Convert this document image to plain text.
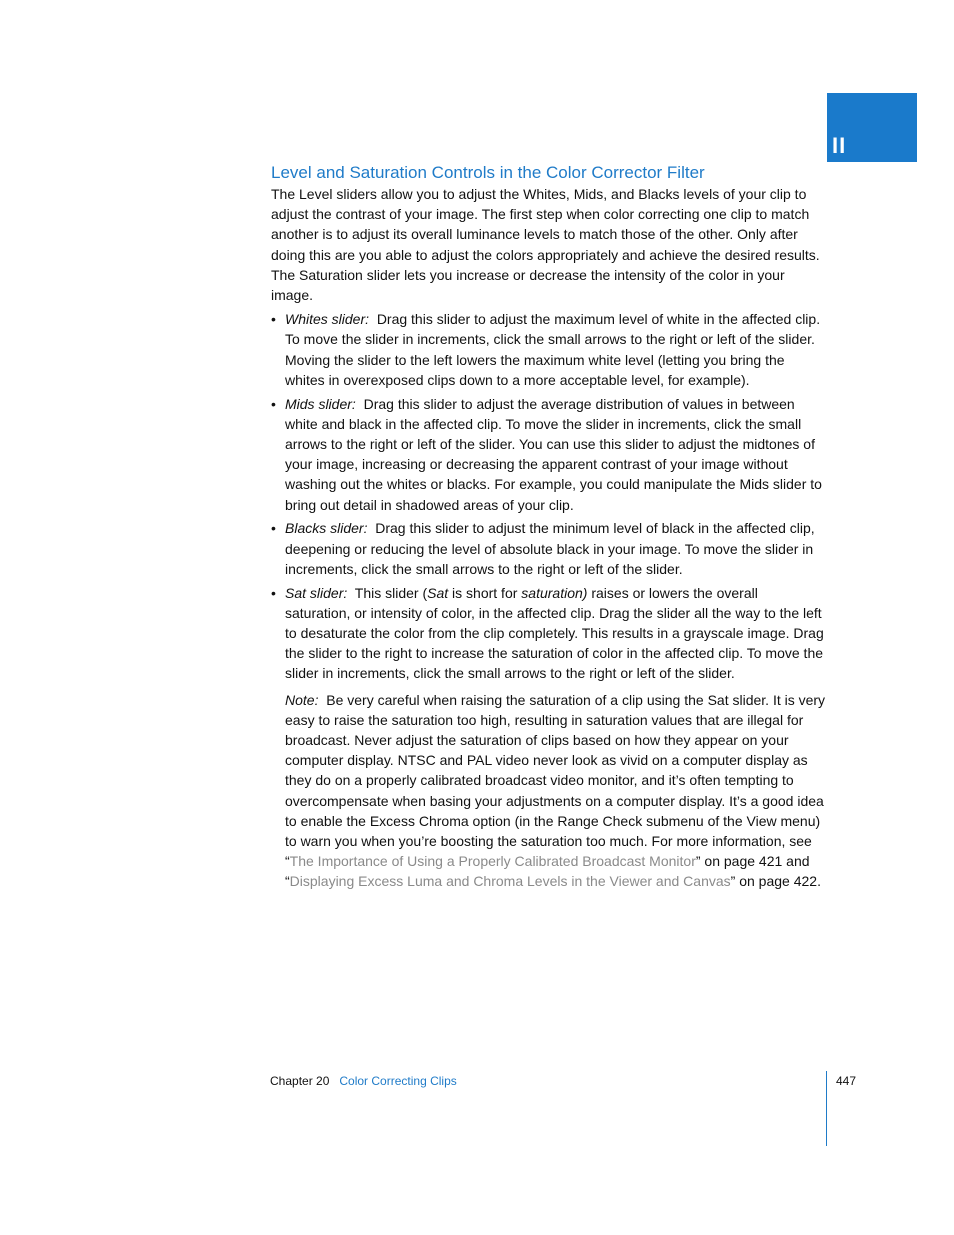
II
Level and Saturation Controls in the Color Corrector Filter

The Level sliders allow you to adjust the Whites, Mids, and Blacks levels of your clip to adjust the contrast of your image. The first step when color correcting one clip to match another is to adjust its overall luminance levels to match those of the other. Only after doing this are you able to adjust the colors appropriately and achieve the desired results. The Saturation slider lets you increase or decrease the intensity of the color in your image.

• Whites slider: Drag this slider to adjust the maximum level of white in the affected clip. To move the slider in increments, click the small arrows to the right or left of the slider. Moving the slider to the left lowers the maximum white level (letting you bring the whites in overexposed clips down to a more acceptable level, for example).
• Mids slider: Drag this slider to adjust the average distribution of values in between white and black in the affected clip. To move the slider in increments, click the small arrows to the right or left of the slider. You can use this slider to adjust the midtones of your image, increasing or decreasing the apparent contrast of your image without washing out the whites or blacks. For example, you could manipulate the Mids slider to bring out detail in shadowed areas of your clip.
• Blacks slider: Drag this slider to adjust the minimum level of black in the affected clip, deepening or reducing the level of absolute black in your image. To move the slider in increments, click the small arrows to the right or left of the slider.
• Sat slider: This slider (Sat is short for saturation) raises or lowers the overall saturation, or intensity of color, in the affected clip. Drag the slider all the way to the left to desaturate the color from the clip completely. This results in a grayscale image. Drag the slider to the right to increase the saturation of color in the affected clip. To move the slider in increments, click the small arrows to the right or left of the slider.

Note: Be very careful when raising the saturation of a clip using the Sat slider. It is very easy to raise the saturation too high, resulting in saturation values that are illegal for broadcast. Never adjust the saturation of clips based on how they appear on your computer display. NTSC and PAL video never look as vivid on a computer display as they do on a properly calibrated broadcast video monitor, and it’s often tempting to overcompensate when basing your adjustments on a computer display. It’s a good idea to enable the Excess Chroma option (in the Range Check submenu of the View menu) to warn you when you’re boosting the saturation too much. For more information, see “The Importance of Using a Properly Calibrated Broadcast Monitor” on page 421 and “Displaying Excess Luma and Chroma Levels in the Viewer and Canvas” on page 422.

Chapter 20 Color Correcting Clips	447
